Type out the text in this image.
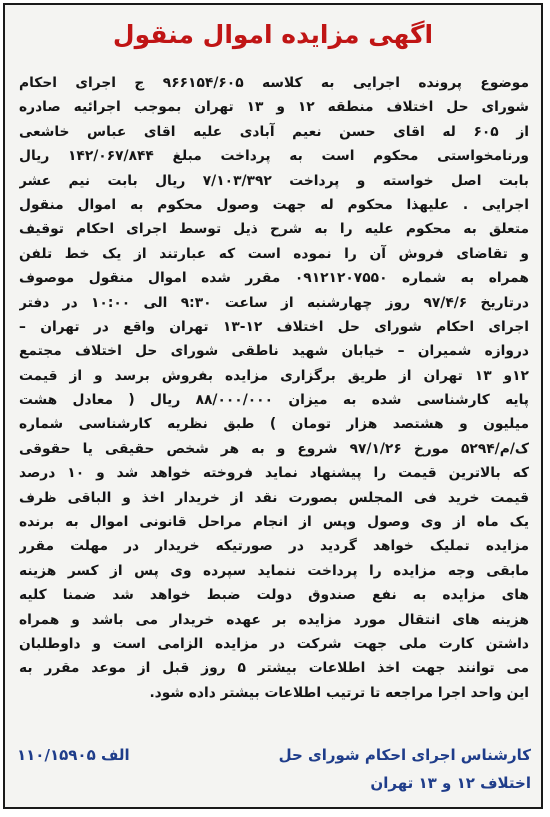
اگهی مزایده اموال منقول
موضوع پرونده اجرایی به کلاسه ۹۶۶۱۵۴/۶۰۵ ج اجرای احکام
شورای حل اختلاف منطقه ۱۲ و ۱۳ تهران بموجب اجرائیه صادره
از ۶۰۵ له اقای حسن نعیم آبادی علیه اقای عباس خاشعی
ورنامخواستی محکوم است به پرداخت مبلغ ۱۴۲/۰۶۷/۸۴۴ ریال
بابت اصل خواسته و پرداخت ۷/۱۰۳/۳۹۲ ریال بابت نیم عشر
اجرایی . علیهذا محکوم له جهت وصول محکوم به اموال منقول
متعلق به محکوم علیه را به شرح ذیل توسط اجرای احکام توقیف
و تقاضای فروش آن را نموده است که عبارتند از یک خط تلفن
همراه به شماره ۰۹۱۲۱۲۰۷۵۵۰ مقرر شده اموال منقول موصوف
درتاریخ ۹۷/۴/۶ روز چهارشنبه از ساعت ۹:۳۰ الی ۱۰:۰۰ در دفتر
اجرای احکام شورای حل اختلاف ۱۲-۱۳ تهران واقع در تهران –
دروازه شمیران – خیابان شهید ناطقی شورای حل اختلاف مجتمع
۱۲و ۱۳ تهران از طریق برگزاری مزایده بفروش برسد و از قیمت
پایه کارشناسی شده به میزان ۸۸/۰۰۰/۰۰۰ ریال ( معادل هشت
میلیون و هشتصد هزار تومان ) طبق نظریه کارشناسی شماره
ک/م/۵۲۹۴ مورخ ۹۷/۱/۲۶ شروع و به هر شخص حقیقی یا حقوقی
که بالاترین قیمت را پیشنهاد نماید فروخته خواهد شد و ۱۰ درصد
قیمت خرید فی المجلس بصورت نقد از خریدار اخذ و الباقی ظرف
یک ماه از وی وصول وپس از انجام مراحل قانونی اموال به برنده
مزایده تملیک خواهد گردید در صورتیکه خریدار در مهلت مقرر
مابقی وجه مزایده را پرداخت ننماید سپرده وی پس از کسر هزینه
های مزایده به نفع صندوق دولت ضبط خواهد شد ضمنا کلیه
هزینه های انتقال مورد مزایده بر عهده خریدار می باشد و همراه
داشتن کارت ملی جهت شرکت در مزایده الزامی است و داوطلبان
می توانند جهت اخذ اطلاعات بیشتر ۵ روز قبل از موعد مقرر به
این واحد اجرا مراجعه تا ترتیب اطلاعات بیشتر داده شود.
کارشناس اجرای احکام شورای حل
اختلاف ۱۲ و ۱۳ تهران
۱۱۰/۱۵۹۰۵ الف
